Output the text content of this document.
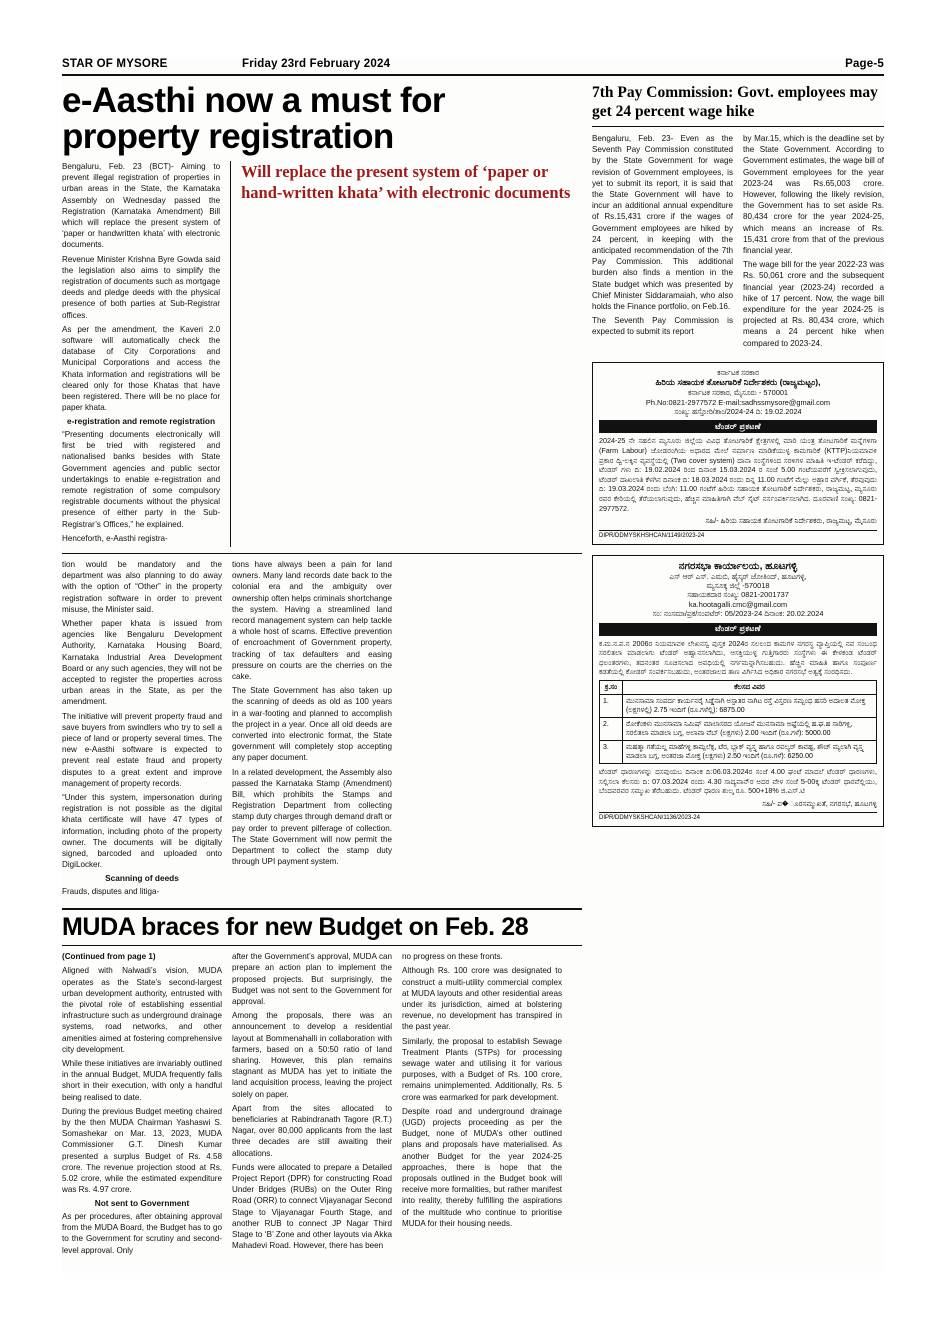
STAR OF MYSORE	Friday 23rd February 2024	Page-5
e-Aasthi now a must for property registration

Bengaluru, Feb. 23 (BCT)- Aiming to prevent illegal registration of properties in urban areas in the State, the Karnataka Assembly on Wednesday passed the Registration (Karnataka Amendment) Bill which will replace the present system of ‘paper or handwritten khata’ with electronic documents.

Revenue Minister Krishna Byre Gowda said the legislation also aims to simplify the registration of documents such as mortgage deeds and pledge deeds with the physical presence of both parties at Sub-Registrar offices.

As per the amendment, the Kaveri 2.0 software will automatically check the database of City Corporations and Municipal Corporations and access the Khata information and registrations will be cleared only for those Khatas that have been registered. There will be no place for paper khata.

e-registration and remote registration

“Presenting documents electronically will first be tried with registered and nationalised banks besides with State Government agencies and public sector undertakings to enable e-registration and remote registration of some compulsory registrable documents without the physical presence of either party in the Sub-Registrar’s Offices,” he explained.

Henceforth, e-Aasthi registra-

Will replace the present system of ‘paper or hand-written khata’ with electronic documents

tion would be mandatory and the department was also planning to do away with the option of “Other” in the property registration software in order to prevent misuse, the Minister said.

Whether paper khata is issued from agencies like Bengaluru Development Authority, Karnataka Housing Board, Karnataka Industrial Area Development Board or any such agencies, they will not be accepted to register the properties across urban areas in the State, as per the amendment.

The initiative will prevent property fraud and save buyers from swindlers who try to sell a piece of land or property several times. The new e-Aasthi software is expected to prevent real estate fraud and property disputes to a great extent and improve management of property records.

“Under this system, impersonation during registration is not possible as the digital khata certificate will have 47 types of information, including photo of the property owner. The documents will be digitally signed, barcoded and uploaded onto DigiLocker.

Scanning of deeds

Frauds, disputes and litiga-

tions have always been a pain for land owners. Many land records date back to the colonial era and the ambiguity over ownership often helps criminals shortchange the system. Having a streamlined land record management system can help tackle a whole host of scams. Effective prevention of encroachment of Government property, tracking of tax defaulters and easing pressure on courts are the cherries on the cake.

The State Government has also taken up the scanning of deeds as old as 100 years in a war-footing and planned to accomplish the project in a year. Once all old deeds are converted into electronic format, the State government will completely stop accepting any paper document.

In a related development, the Assembly also passed the Karnataka Stamp (Amendment) Bill, which prohibits the Stamps and Registration Department from collecting stamp duty charges through demand draft or pay order to prevent pilferage of collection. The State Government will now permit the Department to collect the stamp duty through UPI payment system.

MUDA braces for new Budget on Feb. 28

(Continued from page 1)

Aligned with Nalwadi’s vision, MUDA operates as the State’s second-largest urban development authority, entrusted with the pivotal role of establishing essential infrastructure such as underground drainage systems, road networks, and other amenities aimed at fostering comprehensive city development.

While these initiatives are invariably outlined in the annual Budget, MUDA frequently falls short in their execution, with only a handful being realised to date.

During the previous Budget meeting chaired by the then MUDA Chairman Yashaswi S. Somashekar on Mar. 13, 2023, MUDA Commissioner G.T. Dinesh Kumar presented a surplus Budget of Rs. 4.58 crore. The revenue projection stood at Rs. 5.02 crore, while the estimated expenditure was Rs. 4.97 crore.

Not sent to Government

As per procedures, after obtaining approval from the MUDA Board, the Budget has to go to the Government for scrutiny and second-level approval. Only

after the Government’s approval, MUDA can prepare an action plan to implement the proposed projects. But surprisingly, the Budget was not sent to the Government for approval.

Among the proposals, there was an announcement to develop a residential layout at Bommenahalli in collaboration with farmers, based on a 50:50 ratio of land sharing. However, this plan remains stagnant as MUDA has yet to initiate the land acquisition process, leaving the project solely on paper.

Apart from the sites allocated to beneficiaries at Rabindranath Tagore (R.T.) Nagar, over 80,000 applicants from the last three decades are still awaiting their allocations.

Funds were allocated to prepare a Detailed Project Report (DPR) for constructing Road Under Bridges (RUBs) on the Outer Ring Road (ORR) to connect Vijayanagar Second Stage to Vijayanagar Fourth Stage, and another RUB to connect JP Nagar Third Stage to ‘B’ Zone and other layouts via Akka Mahadevi Road. However, there has been

no progress on these fronts.

Although Rs. 100 crore was designated to construct a multi-utility commercial complex at MUDA layouts and other residential areas under its jurisdiction, aimed at bolstering revenue, no development has transpired in the past year.

Similarly, the proposal to establish Sewage Treatment Plants (STPs) for processing sewage water and utilising it for various purposes, with a Budget of Rs. 100 crore, remains unimplemented. Additionally, Rs. 5 crore was earmarked for park development.

Despite road and underground drainage (UGD) projects proceeding as per the Budget, none of MUDA’s other outlined plans and proposals have materialised. As another Budget for the year 2024-25 approaches, there is hope that the proposals outlined in the Budget book will receive more formalities, but rather manifest into reality, thereby fulfilling the aspirations of the multitude who continue to prioritise MUDA for their housing needs.

7th Pay Commission: Govt. employees may get 24 percent wage hike

Bengaluru, Feb. 23- Even as the Seventh Pay Commission constituted by the State Government for wage revision of Government employees, is yet to submit its report, it is said that the State Government will have to incur an additional annual expenditure of Rs.15,431 crore if the wages of Government employees are hiked by 24 percent, in keeping with the anticipated recommendation of the 7th Pay Commission. This additional burden also finds a mention in the State budget which was presented by Chief Minister Siddaramaiah, who also holds the Finance portfolio, on Feb.16.

The Seventh Pay Commission is expected to submit its report

by Mar.15, which is the deadline set by the State Government. According to Government estimates, the wage bill of Government employees for the year 2023-24 was Rs.65,003 crore. However, following the likely revision, the Government has to set aside Rs. 80,434 crore for the year 2024-25, which means an increase of Rs. 15,431 crore from that of the previous financial year.

The wage bill for the year 2022-23 was Rs. 50,061 crore and the subsequent financial year (2023-24) recorded a hike of 17 percent. Now, the wage bill expenditure for the year 2024-25 is projected at Rs. 80,434 crore, which means a 24 percent hike when compared to 2023-24.

ಕರ್ನಾಟಕ ಸರಕಾರ
ಹಿರಿಯ ಸಹಾಯಕ ತೋಟಗಾರಿಕೆ ನಿರ್ದೇಶಕರು (ರಾಜ್ಯಮಟ್ಟಂ),
ಕರ್ನಾಟಕ ಸರಕಾರ, ಮೈಸೂರು - 570001
Ph.No:0821-2977572 E-mail:sadhssmysore@gmail.com
ಸಂಖ್ಯ: ಹಸ್ತೋರಿ/ತಾಂ/2024-24 ದಿ: 19.02.2024
ಟೆಂಡರ್ ಪ್ರಕಟಣೆ

2024-25 ನೇ ಸಹಲಿನ ಮ್ಯಸೂರು ಜಿಲ್ಲೆಯ ವಿವಿಧ ತೋಟಗಾರಿಕೆ ಕ್ಷೇತ್ರಗಳಲ್ಲಿ ಮಾರಿ ಯಂತ್ರ ತೋಟಗಾರಿಕೆ ಮನ್ನೆಗಳಿಗಾ (Farm Labour) ಜೋಡರಂಗಿಯ ಅಧಾರದ ಮೇಲೆ ನರ್ಮಾಣ ಮಾಡಿಕೆಯುಳ್ಳ ಕಾಮಗಾರಿಕೆ (KTTP)ನಿಯಮಾವಳಿ ಪ್ರಕಾರ ದ್ವಿ-ಲಕ್ಕಿನ ವ್ಯವಸ್ಥೆಯಲ್ಲಿ (Two cover system) ದಾನಾ ಸಂಸ್ಥೆಗಳಿಂದ ಸರಳಿಗಳ ಮಾಹಿತಿ ಇ-ಟೆಂಡರ್ ಕರೆದಿದ್ದು, ಟೆಂಡರ್ ಗಳು ದಿ: 19.02.2024 ರಿಂದ ದಿನಾಂಕ 15.03.2024 ರ ಸಂಜೆ 5.00 ಗಂಟೆಯವರೆಗೆ ಸ್ವೀಕ್ರಿಸಲಾಗುವುದು, ಟೆಂಡರ್ ದಾಖಲಾತಿ ಕೆಳಗಿನ ದಿನಾಂಕ ದಿ: 18.03.2024 ರಂದು ದಿನ್ನ 11.00 ಗಂಟೆಗೆ ಮೆಲ್ಲು ಅಹ್ರಾರ ವರ್ಗಿಕೆ, ತೆರವುವುದು ದಿ: 19.03.2024 ರಂದು ಬೆಂಗಿ: 11.00 ಗಂಟೆಗೆ ಹಿರಿಯ ಸಹಾಯಕ ತೋಟಗಾರಿಕೆ ನಿರ್ದೇಶಕರು, ರಾಜ್ಯಮಟ್ಟ, ಮ್ಯಸೂರು ರವರ ಕೇರಿಯಲ್ಲಿ ತೆರೆಯಲಾಗುವುದು, ಹೆಚ್ಚಿನ ಮಾಹಿತಿಗಾಗಿ ವೆಬ್ ಸೈಟ್ ನರ್ಸಂಪರ್ಕಿಸಲಾಗಿದ. ದೂರವಾಣಿ ಸಂಖ್ಯ: 0821-2977572.

ಸಹಿ/- ಹಿರಿಯ ಸಹಾಯಕ ತೋಟಗಾರಿಕೆ ನಿರ್ದೇಶಕರು, ರಾಜ್ಯಮಟ್ಟ, ಮೈಸೂರು
DIPR/DDMYSKHSHCAN/1149/2023-24
ನಗರಸಭಾ ಕಾರ್ಯಾಲಯ, ಹೂಟಗಳ್ಳಿ
ಎಸ್ ಆರ್ ಎಸ್. ಎಮಬಿ, ಹೈಸ್ಕರ್ ಜೋತಿಂದ್, ಹೂಟಗಳ್ಳಿ,
ಮ್ಯಸೂಕ್ಕ ಜಿಲ್ಲೆ -570018
ಸಹಾಯಕದಾರ ಸಂಖ್ಯ: 0821-2001737
ka.hootagalli.cmc@gmail.com
ಸಂ: ನಂಸಮಾ/ಪ್ರಕ/ಸಂಪಟೆರ್: 05/2023-24 ದಿನಾಂಕ: 20.02.2024
ಟೆಂಡರ್ ಪ್ರಕಟಣೆ

ಕ.ಮ.ನ.ಪ.ನ 2006ರ ನಿಯಮಾವಳಿ ಲೇಖನಸ್ವ ಪುಸ್ತಕ 2024ರ ಸಲಲುದ ಕಾಮಗಳ ನಗರಸ್ಥ ವ್ಯಾಪ್ತಿಯಲ್ಲಿ ನವ ಸಂಬಂಧ ಸರಲಿತಲಾ ಮಾಡಲಾಗು ಟೆಂಡರ್ ಅಹ್ವಾನಸಲಾಗಿದು, ಆಸಕ್ತಿಯುಳ್ಳ ಗುತ್ತಿಗಾರರು ಸಂಸ್ಥೆಗಳು ಈ ಕೇಳಕಂಡ ಟೆಂಡರ್ ಧಲಂತರಗಳು, ತದನಂತರ ಸೂಚಿಸಲಾದ ಅವಧಿಯಲ್ಲಿ ನರ್ಗಮನ್ನಾಗಿಸಬಹುದು. ಹೆಚ್ಚಿನ ಮಾಹಿತಿ ಹಾಗೂ ಸಂಪೂರ್ಣ ಕಡತೆಯಲ್ಲಿ ಕೋಡರ್ ಸಂಪರ್ಕಸಬಹುದು, ಅಂತರಜಾಲದ ತಾಣ ವಿರ್ಗಿಸಿದ ಅಧಿಕಾರ ನಗರಸಭೆ ಅತ್ವಕ್ಕೆ ಸಂರಧಿಸದು.

ಕ್ರ.ಸಂ	ಕೆಲಸದ ವಿವರ
1.	ಮುನಸಾಮಾ ಸಂಪರ್ದ ಕಾರ್ಯನರೈ ಸಿಡ್ಡೆನಾಗಿ ಅಸ್ಪಾತರ ನಾಗಿಟ ರಸ್ತೆ ವಿಸ್ತರಣ ಸಮ್ಬಂಧ ಹಸರಿ ಅದಾಲತ ಮೋಕ್ತ (ಲಕ್ಷಗಳಲ್ಲಿ) 2.75 ಇಂದಿಗೆ (ರೂ.ಗಳೆಲ್ಲಿ): 6875.00
2.	ರೋಕೆಂಕಳು ಮುನಸಾಮಾ ನಿಮಿಷ್ ಮಾಲಾಸರದ ಯೋಜನೆ ಮುನಸಾಮಾ ಅಷ್ಟೆಯಲ್ಲಿ ಹ.ಘ.ಹ ಸಾರಿಗಳ್ಲಿ, ಸರಲಿತಲಾ ಮಾಡಲಾ ಬಗ್ಗ, ಅಲಾವಾ ವೆಬ್ (ಲಕ್ಷಗಳು) 2.00 ಇಂದಿಗೆ (ರೂ.ಗಳೆ): 5000.00
3.	ಮಹತ್ಮಾ ಗತೆಯಲ್ದ ಮಾಹೆಗಳ್ಳಿ ಕಾಮ್ಪಲೆಕ್ಸ, ಟೆರ, ಬ್ಲಾಕ್ ವ್ಯಸ್ತ್ಗ ಹಾಗೂ ರವಲ್ಯರ್ ಕಾವಹ್ಟ, ಶೌಚ್ ಮ್ಯಲಾಗಿ ವ್ಯಸ್ತ್ಗ ಮಾಡಲಾ ಬಗ್ಗ, ಅಂತರಜಾ ಮೋಕ್ತ (ಲಕ್ಷಗಳು) 2.50 ಇಂದಿಗೆ (ರೂ.ಗಳೆ): 6250.00

ಟೆಂಡರ್ ಧಾರಣಗಳನ್ನು ದಸವುಯಬ ದಿನಾಂಕ ದಿ:06.03.2024ರ ಸಂಜೆ 4.00 ಘಂಟೆ ಮಾದಲೆ ಟೆಂಡರ್ ಧಾರಣಗಳು, ಸಲ್ಲಿಸಲಾ ಕೆಲಸರು ದಿ: 07.03.2024 ರಂದು 4.30 ಸಾದ್ಯವಾನೆ್ರ ಅದರ ವೇಳ ಸಂಜೆ 5-00ಕ್ಕ ಟೆಂಡರ್ ಧಾರವೆಲ್ಲಿಯು, ಬೆಂದವರವರ ಸಮ್ಮುಖ ತೆರೆಬಹುದು. ಟೆಂಡರ್ ಧಾರಣ ಶುಲ್ಕ ರೂ. 500+18% ಜಿ.ಎಸ್.ಟಿ

ಸಹಿ/- ಪ�ೂರಸಮ್ಮುಖತೆ, ನಗರಸಭೆ, ಹೂಟಗಳ್ಳಿ
DIPR/DDMYSKSHCAN/1136/2023-24
